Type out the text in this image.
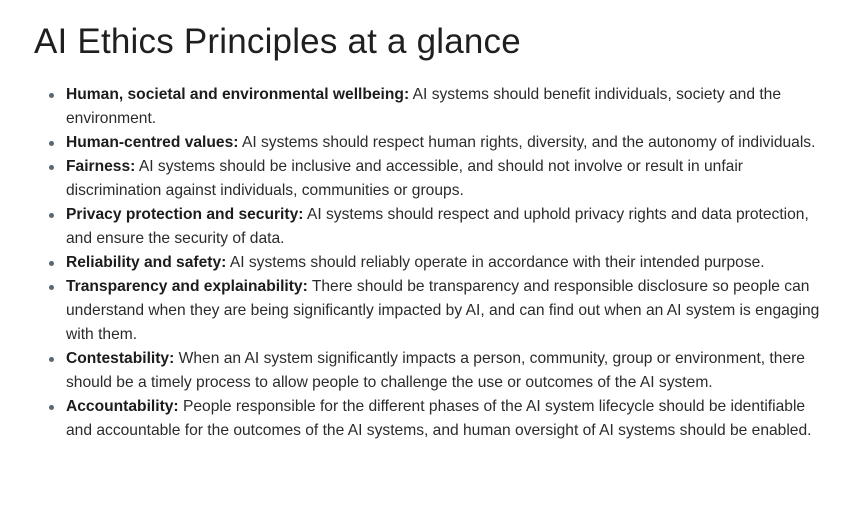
AI Ethics Principles at a glance
Human, societal and environmental wellbeing: AI systems should benefit individuals, society and the environment.
Human-centred values: AI systems should respect human rights, diversity, and the autonomy of individuals.
Fairness: AI systems should be inclusive and accessible, and should not involve or result in unfair discrimination against individuals, communities or groups.
Privacy protection and security: AI systems should respect and uphold privacy rights and data protection, and ensure the security of data.
Reliability and safety: AI systems should reliably operate in accordance with their intended purpose.
Transparency and explainability: There should be transparency and responsible disclosure so people can understand when they are being significantly impacted by AI, and can find out when an AI system is engaging with them.
Contestability: When an AI system significantly impacts a person, community, group or environment, there should be a timely process to allow people to challenge the use or outcomes of the AI system.
Accountability: People responsible for the different phases of the AI system lifecycle should be identifiable and accountable for the outcomes of the AI systems, and human oversight of AI systems should be enabled.
